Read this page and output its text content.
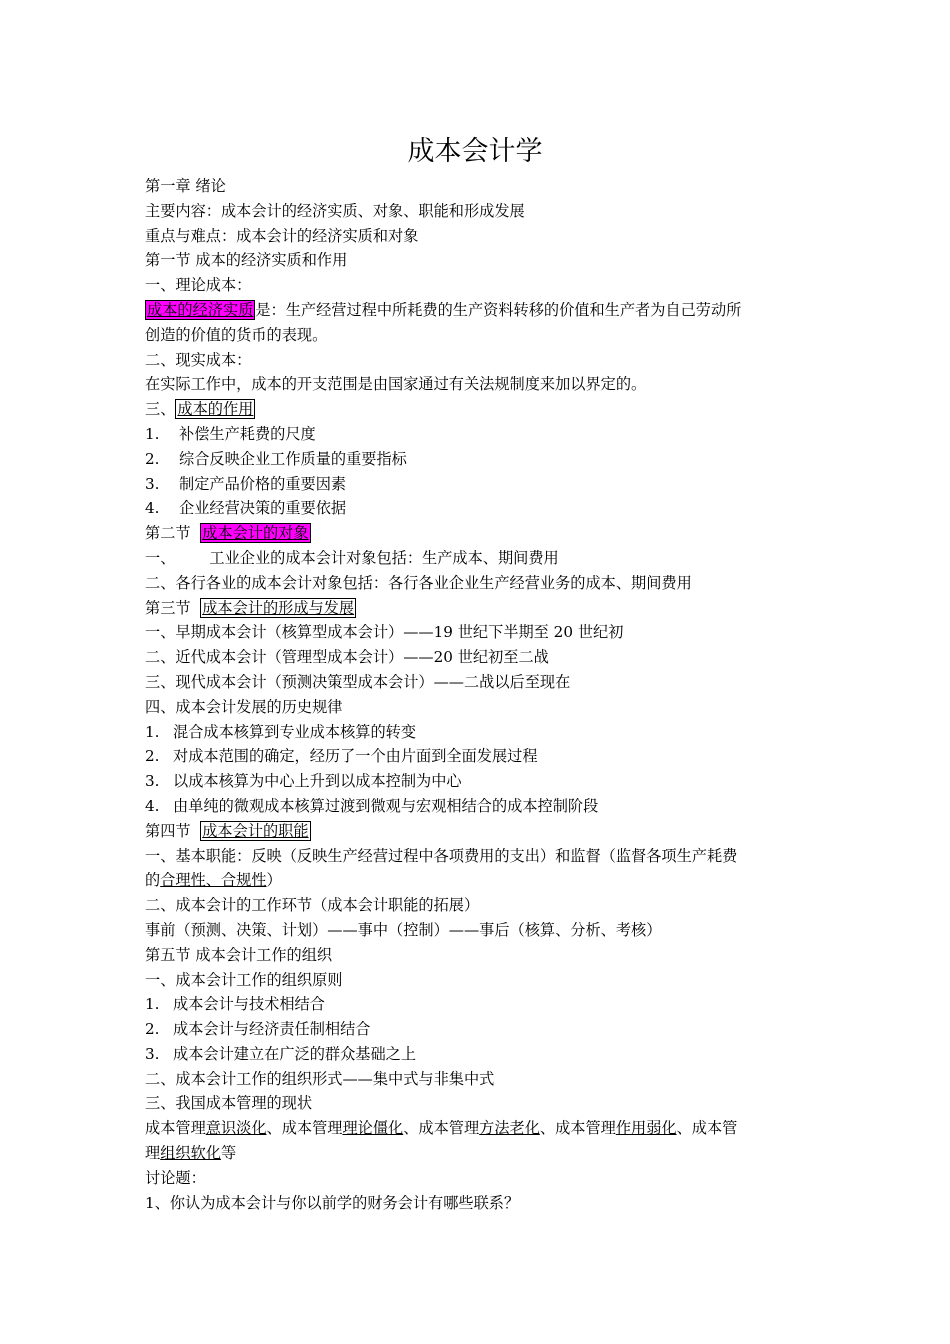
成本会计学
第一章 绪论
主要内容：成本会计的经济实质、对象、职能和形成发展
重点与难点：成本会计的经济实质和对象
第一节 成本的经济实质和作用
一、理论成本：
成本的经济实质 是：生产经营过程中所耗费的生产资料转移的价值和生产者为自己劳动所
创造的价值的货币的表现。
二、现实成本：
在实际工作中，成本的开支范围是由国家通过有关法规制度来加以界定的。
三、 成本的作用
1. 补偿生产耗费的尺度
2. 综合反映企业工作质量的重要指标
3. 制定产品价格的重要因素
4. 企业经营决策的重要依据
第二节  成本会计的对象
一、 工业企业的成本会计对象包括：生产成本、期间费用
二、各行各业的成本会计对象包括：各行各业企业生产经营业务的成本、期间费用
第三节  成本会计的形成与发展
一、早期成本会计（核算型成本会计）——19 世纪下半期至 20 世纪初
二、近代成本会计（管理型成本会计）——20 世纪初至二战
三、现代成本会计（预测决策型成本会计）——二战以后至现在
四、成本会计发展的历史规律
1. 混合成本核算到专业成本核算的转变
2. 对成本范围的确定，经历了一个由片面到全面发展过程
3. 以成本核算为中心上升到以成本控制为中心
4. 由单纯的微观成本核算过渡到微观与宏观相结合的成本控制阶段
第四节  成本会计的职能
一、基本职能：反映（反映生产经营过程中各项费用的支出）和监督（监督各项生产耗费
的合理性、合规性）
二、成本会计的工作环节（成本会计职能的拓展）
事前（预测、决策、计划）——事中（控制）——事后（核算、分析、考核）
第五节 成本会计工作的组织
一、成本会计工作的组织原则
1. 成本会计与技术相结合
2. 成本会计与经济责任制相结合
3. 成本会计建立在广泛的群众基础之上
二、成本会计工作的组织形式——集中式与非集中式
三、我国成本管理的现状
成本管理意识淡化、成本管理理论僵化、成本管理方法老化、成本管理作用弱化、成本管
理组织软化等
讨论题：
1、你认为成本会计与你以前学的财务会计有哪些联系？
